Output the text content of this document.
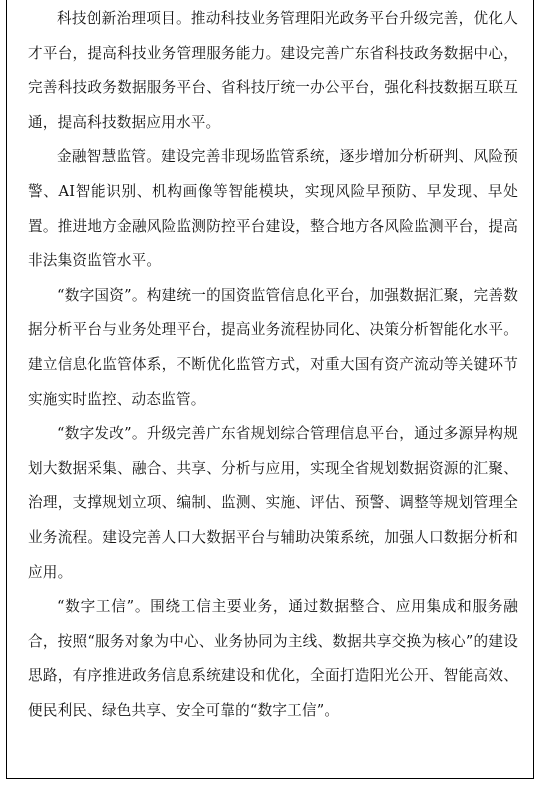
科技创新治理项目。推动科技业务管理阳光政务平台升级完善，优化人才平台，提高科技业务管理服务能力。建设完善广东省科技政务数据中心，完善科技政务数据服务平台、省科技厅统一办公平台，强化科技数据互联互通，提高科技数据应用水平。

金融智慧监管。建设完善非现场监管系统，逐步增加分析研判、风险预警、AI智能识别、机构画像等智能模块，实现风险早预防、早发现、早处置。推进地方金融风险监测防控平台建设，整合地方各风险监测平台，提高非法集资监管水平。

“数字国资”。构建统一的国资监管信息化平台，加强数据汇聚，完善数据分析平台与业务处理平台，提高业务流程协同化、决策分析智能化水平。建立信息化监管体系，不断优化监管方式，对重大国有资产流动等关键环节实施实时监控、动态监管。

“数字发改”。升级完善广东省规划综合管理信息平台，通过多源异构规划大数据采集、融合、共享、分析与应用，实现全省规划数据资源的汇聚、治理，支撑规划立项、编制、监测、实施、评估、预警、调整等规划管理全业务流程。建设完善人口大数据平台与辅助决策系统，加强人口数据分析和应用。

“数字工信”。围绕工信主要业务，通过数据整合、应用集成和服务融合，按照“服务对象为中心、业务协同为主线、数据共享交换为核心”的建设思路，有序推进政务信息系统建设和优化，全面打造阳光公开、智能高效、便民利民、绿色共享、安全可靠的“数字工信”。
